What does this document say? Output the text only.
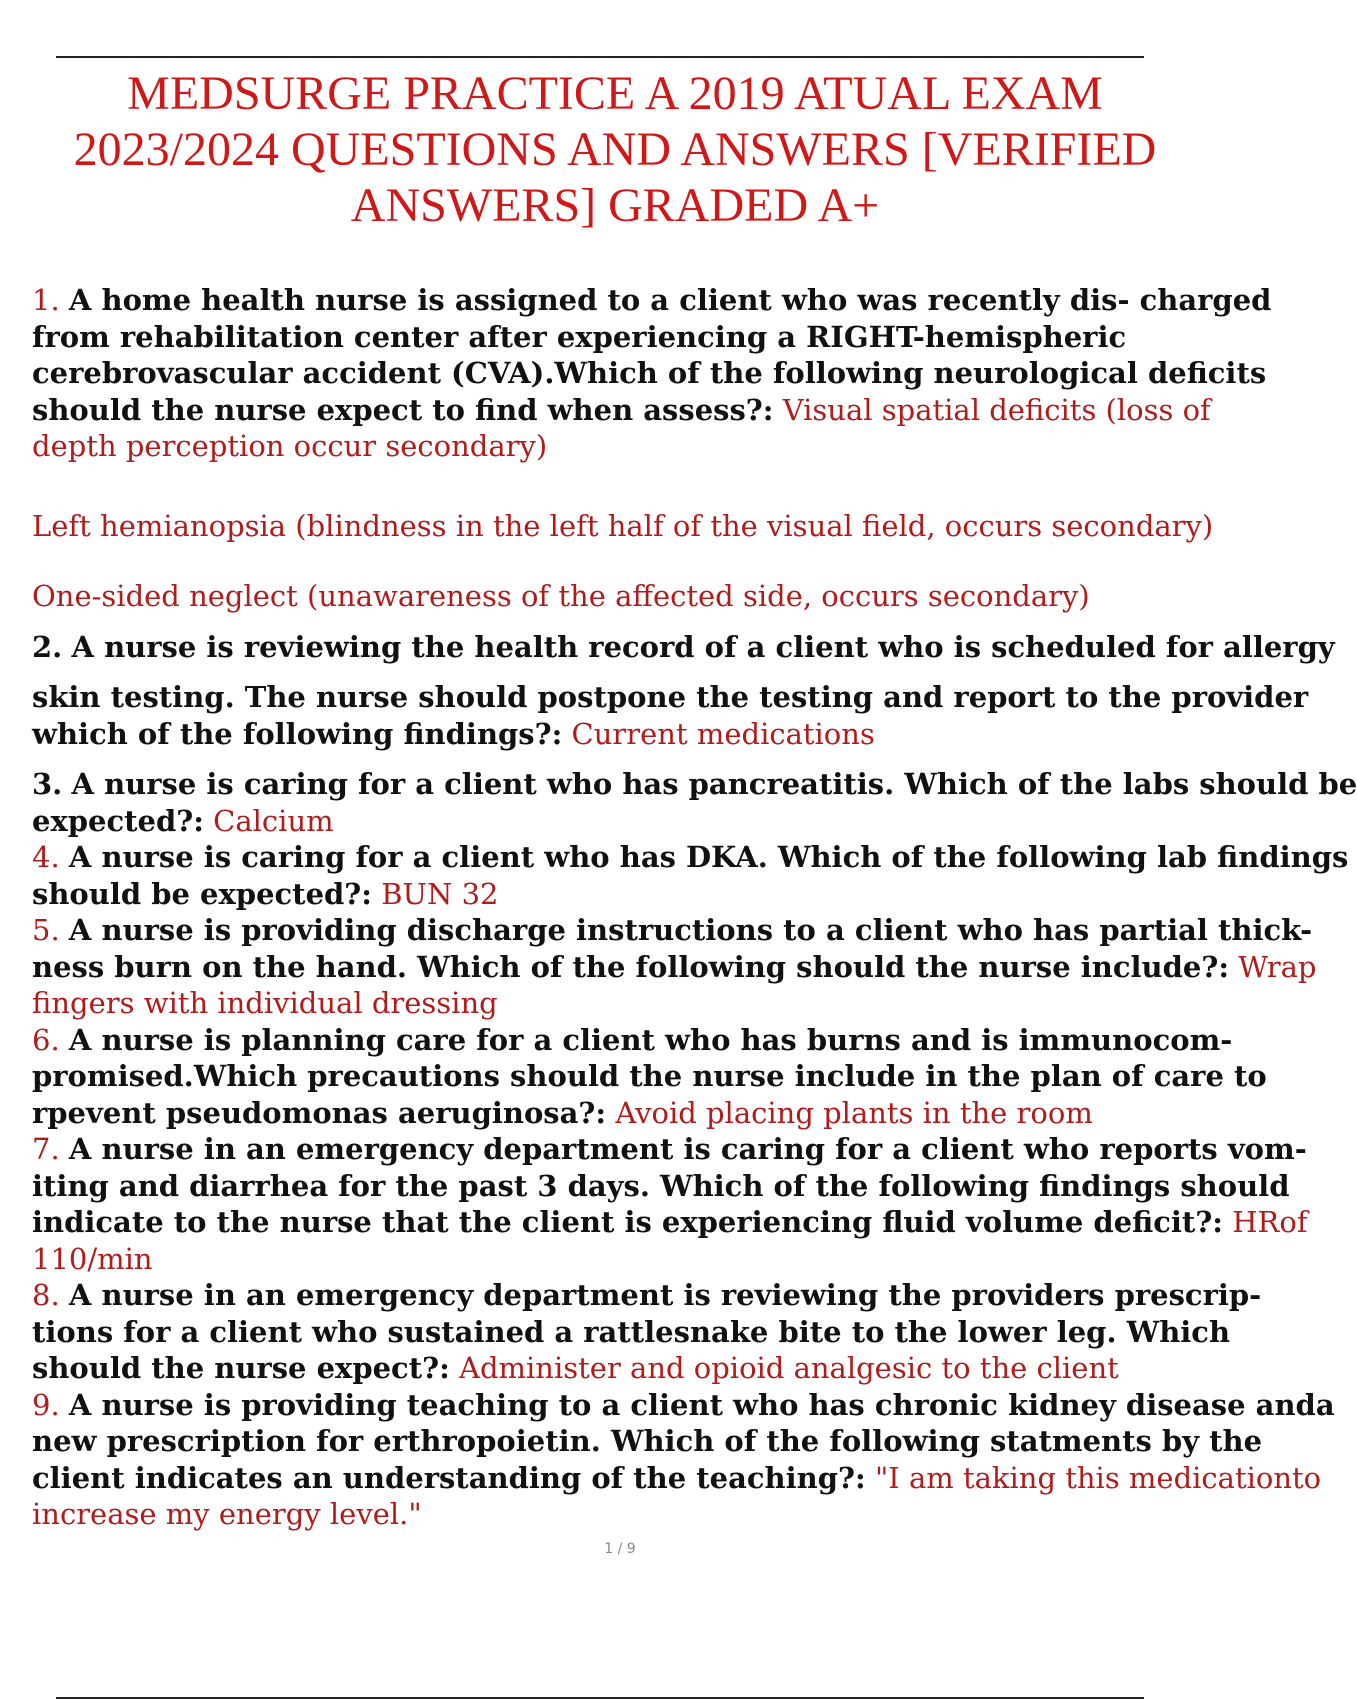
MEDSURGE PRACTICE A 2019 ATUAL EXAM
2023/2024 QUESTIONS AND ANSWERS [VERIFIED
ANSWERS] GRADED A+
1. A home health nurse is assigned to a client who was recently dis- charged
from rehabilitation center after experiencing a RIGHT-hemispheric
cerebrovascular accident (CVA).Which of the following neurological deficits
should the nurse expect to find when assess?: Visual spatial deficits (loss of
depth perception occur secondary)
Left hemianopsia (blindness in the left half of the visual field, occurs secondary)
One-sided neglect (unawareness of the affected side, occurs secondary)
2. A nurse is reviewing the health record of a client who is scheduled for allergy
skin testing. The nurse should postpone the testing and report to the provider
which of the following findings?: Current medications
3. A nurse is caring for a client who has pancreatitis. Which of the labs should be
expected?: Calcium
4. A nurse is caring for a client who has DKA. Which of the following lab findings
should be expected?: BUN 32
5. A nurse is providing discharge instructions to a client who has partial thick-
ness burn on the hand. Which of the following should the nurse include?: Wrap
fingers with individual dressing
6. A nurse is planning care for a client who has burns and is immunocom-
promised.Which precautions should the nurse include in the plan of care to
rpevent pseudomonas aeruginosa?: Avoid placing plants in the room
7. A nurse in an emergency department is caring for a client who reports vom-
iting and diarrhea for the past 3 days. Which of the following findings should
indicate to the nurse that the client is experiencing fluid volume deficit?: HRof
110/min
8. A nurse in an emergency department is reviewing the providers prescrip-
tions for a client who sustained a rattlesnake bite to the lower leg. Which
should the nurse expect?: Administer and opioid analgesic to the client
9. A nurse is providing teaching to a client who has chronic kidney disease anda
new prescription for erthropoietin. Which of the following statments by the
client indicates an understanding of the teaching?: "I am taking this medicationto
increase my energy level."
1 / 9
